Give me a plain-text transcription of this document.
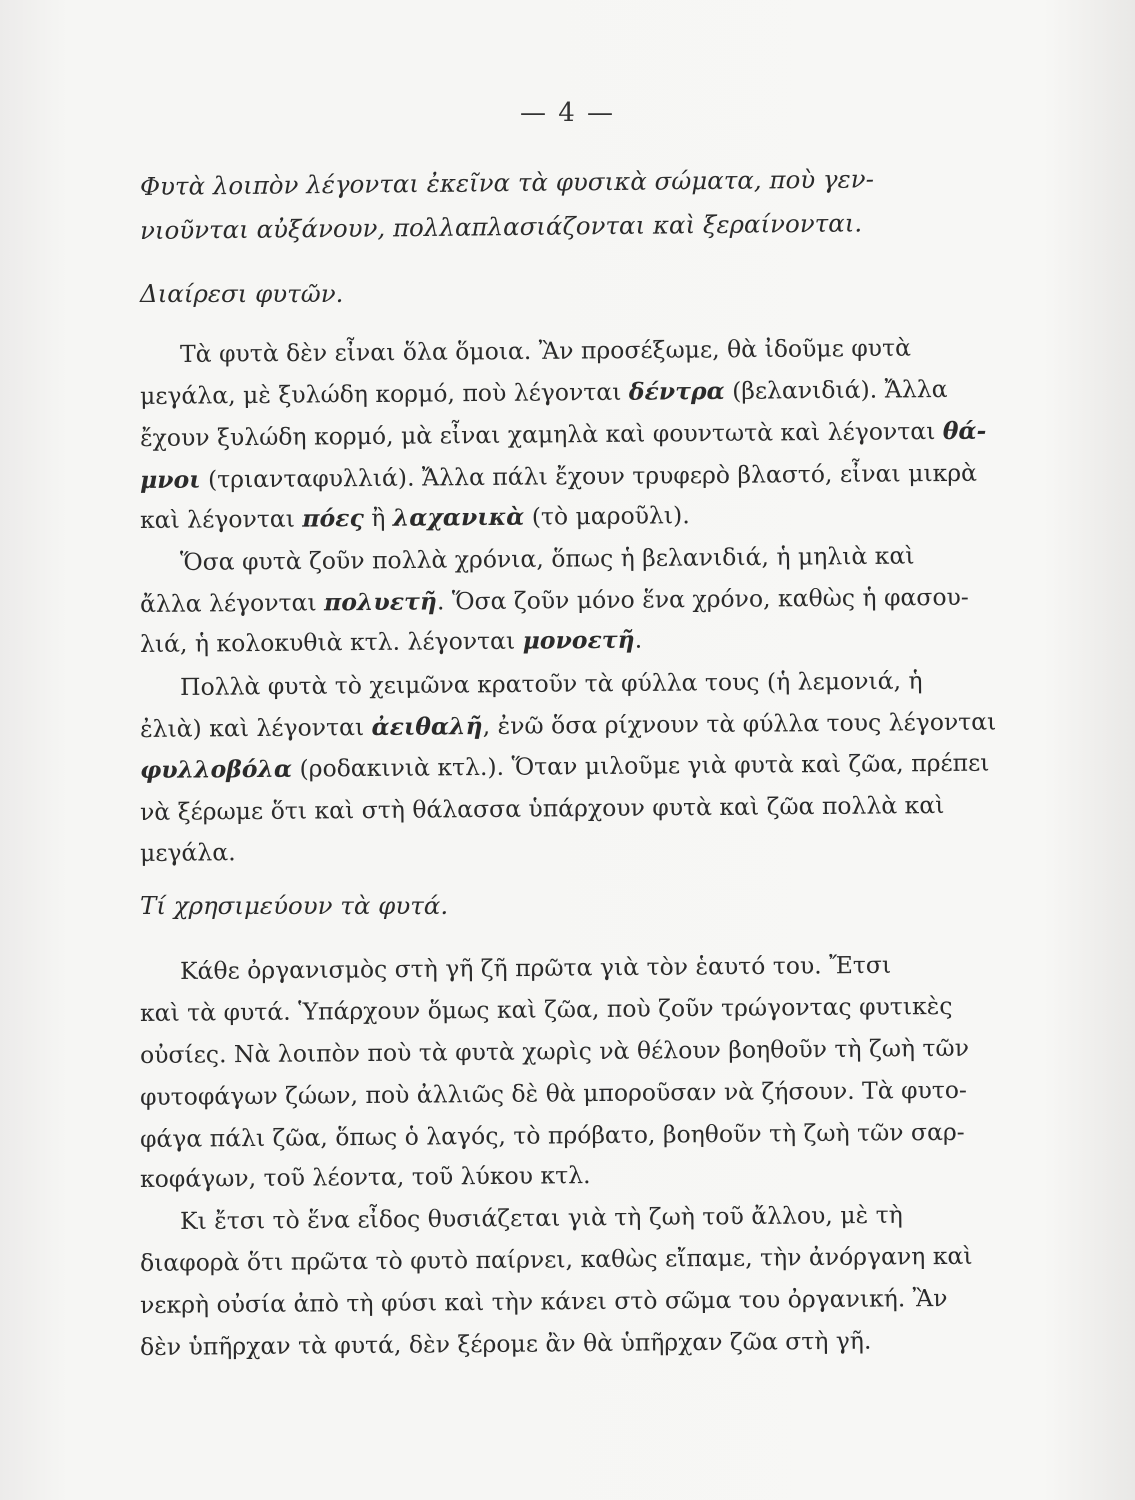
— 4 —
Φυτὰ λοιπὸν λέγονται ἐκεῖνα τὰ φυσικὰ σώματα, ποὺ γεν-
νιοῦνται αὐξάνουν, πολλαπλασιάζονται καὶ ξεραίνονται.
Διαίρεσι φυτῶν.
Τὰ φυτὰ δὲν εἶναι ὅλα ὅμοια. Ἂν προσέξωμε, θὰ ἰδοῦμε φυτὰ
μεγάλα, μὲ ξυλώδη κορμό, ποὺ λέγονται δέντρα (βελανιδιά). Ἄλλα
ἔχουν ξυλώδη κορμό, μὰ εἶναι χαμηλὰ καὶ φουντωτὰ καὶ λέγονται θά-
μνοι (τριανταφυλλιά). Ἄλλα πάλι ἔχουν τρυφερὸ βλαστό, εἶναι μικρὰ
καὶ λέγονται πόες ἢ λαχανικὰ (τὸ μαροῦλι).
Ὅσα φυτὰ ζοῦν πολλὰ χρόνια, ὅπως ἡ βελανιδιά, ἡ μηλιὰ καὶ
ἄλλα λέγονται πολυετῆ. Ὅσα ζοῦν μόνο ἕνα χρόνο, καθὼς ἡ φασου-
λιά, ἡ κολοκυθιὰ κτλ. λέγονται μονοετῆ.
Πολλὰ φυτὰ τὸ χειμῶνα κρατοῦν τὰ φύλλα τους (ἡ λεμονιά, ἡ
ἐλιὰ) καὶ λέγονται ἀειθαλῆ, ἐνῶ ὅσα ρίχνουν τὰ φύλλα τους λέγονται
φυλλοβόλα (ροδακινιὰ κτλ.). Ὅταν μιλοῦμε γιὰ φυτὰ καὶ ζῶα, πρέπει
νὰ ξέρωμε ὅτι καὶ στὴ θάλασσα ὑπάρχουν φυτὰ καὶ ζῶα πολλὰ καὶ
μεγάλα.
Τί χρησιμεύουν τὰ φυτά.
Κάθε ὀργανισμὸς στὴ γῆ ζῆ πρῶτα γιὰ τὸν ἑαυτό του. Ἔτσι
καὶ τὰ φυτά. Ὑπάρχουν ὅμως καὶ ζῶα, ποὺ ζοῦν τρώγοντας φυτικὲς
οὐσίες. Νὰ λοιπὸν ποὺ τὰ φυτὰ χωρὶς νὰ θέλουν βοηθοῦν τὴ ζωὴ τῶν
φυτοφάγων ζώων, ποὺ ἀλλιῶς δὲ θὰ μποροῦσαν νὰ ζήσουν. Τὰ φυτο-
φάγα πάλι ζῶα, ὅπως ὁ λαγός, τὸ πρόβατο, βοηθοῦν τὴ ζωὴ τῶν σαρ-
κοφάγων, τοῦ λέοντα, τοῦ λύκου κτλ.
Κι ἔτσι τὸ ἕνα εἶδος θυσιάζεται γιὰ τὴ ζωὴ τοῦ ἄλλου, μὲ τὴ
διαφορὰ ὅτι πρῶτα τὸ φυτὸ παίρνει, καθὼς εἴπαμε, τὴν ἀνόργανη καὶ
νεκρὴ οὐσία ἀπὸ τὴ φύσι καὶ τὴν κάνει στὸ σῶμα του ὀργανική. Ἂν
δὲν ὑπῆρχαν τὰ φυτά, δὲν ξέρομε ἂν θὰ ὑπῆρχαν ζῶα στὴ γῆ.
